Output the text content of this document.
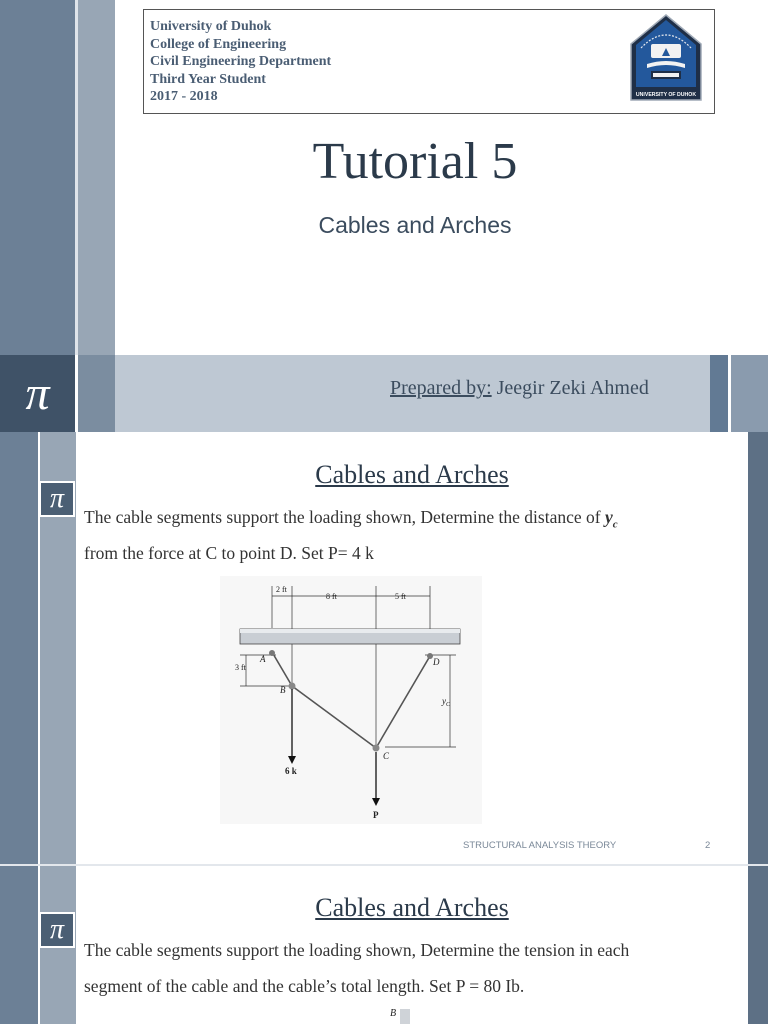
University of Duhok
College of Engineering
Civil Engineering Department
Third Year Student
2017 - 2018	UNIVERSITY OF DUHOK
Tutorial 5
Cables and Arches
π	Prepared by: Jeegir Zeki Ahmed
π
Cables and Arches
The cable segments support the loading shown, Determine the distance of $y_c$
from the force at C to point D. Set P= 4 k
2 ft
8 ft	5 ft
3 ft
$y_C$
A
B
C
D
6 k
P
STRUCTURAL ANALYSIS THEORY	2
π
Cables and Arches
The cable segments support the loading shown, Determine the tension in each
segment of the cable and the cable’s total length. Set P = 80 Ib.
B
